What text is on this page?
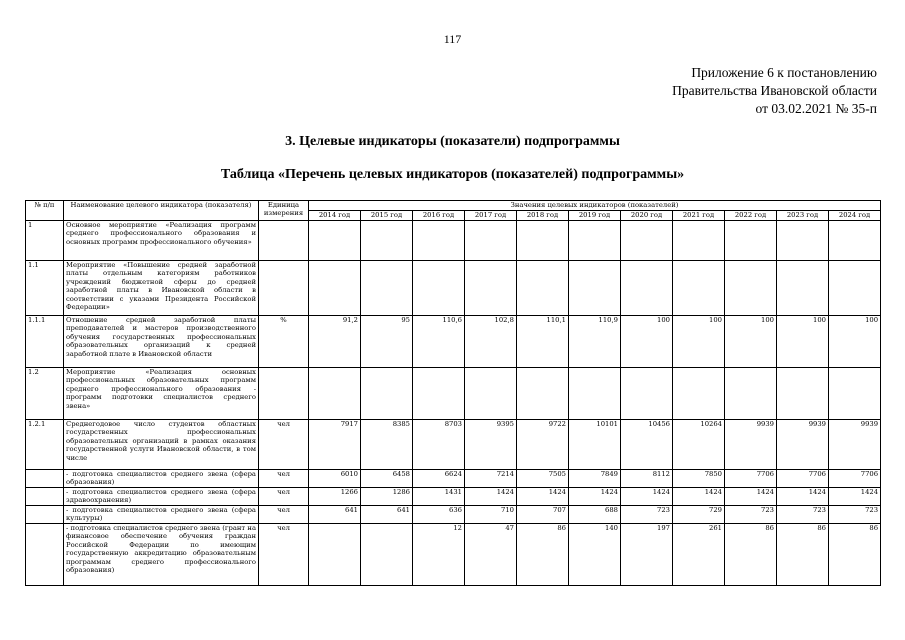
117
Приложение 6 к постановлению
Правительства Ивановской области
от 03.02.2021 № 35-п
3. Целевые индикаторы (показатели) подпрограммы
Таблица «Перечень целевых индикаторов (показателей) подпрограммы»
№ п/п	Наименование целевого индикатора (показателя)	Единица измерения	Значения целевых индикаторов (показателей)										
			2014 год	2015 год	2016 год	2017 год	2018 год	2019 год	2020 год	2021 год	2022 год	2023 год	2024 год
1	Основное мероприятие «Реализация программ среднего профессионального образования и основных программ профессионального обучения»												
1.1	Мероприятие «Повышение средней заработной платы отдельным категориям работников учреждений бюджетной сферы до средней заработной платы в Ивановской области в соответствии с указами Президента Российской Федерации»												
1.1.1	Отношение средней заработной платы преподавателей и мастеров производственного обучения государственных профессиональных образовательных организаций к средней заработной плате в Ивановской области	%	91,2	95	110,6	102,8	110,1	110,9	100	100	100	100	100
1.2	Мероприятие «Реализация основных профессиональных образовательных программ среднего профессионального образования - программ подготовки специалистов среднего звена»												
1.2.1	Среднегодовое число студентов областных государственных профессиональных образовательных организаций в рамках оказания государственной услуги Ивановской области, в том числе	чел	7917	8385	8703	9395	9722	10101	10456	10264	9939	9939	9939
	- подготовка специалистов среднего звена (сфера образования)	чел	6010	6458	6624	7214	7505	7849	8112	7850	7706	7706	7706
	- подготовка специалистов среднего звена (сфера здравоохранения)	чел	1266	1286	1431	1424	1424	1424	1424	1424	1424	1424	1424
	- подготовка специалистов среднего звена (сфера культуры)	чел	641	641	636	710	707	688	723	729	723	723	723
	- подготовка специалистов среднего звена (грант на финансовое обеспечение обучения граждан Российской Федерации по имеющим государственную аккредитацию образовательным программам среднего профессионального образования)	чел			12	47	86	140	197	261	86	86	86
